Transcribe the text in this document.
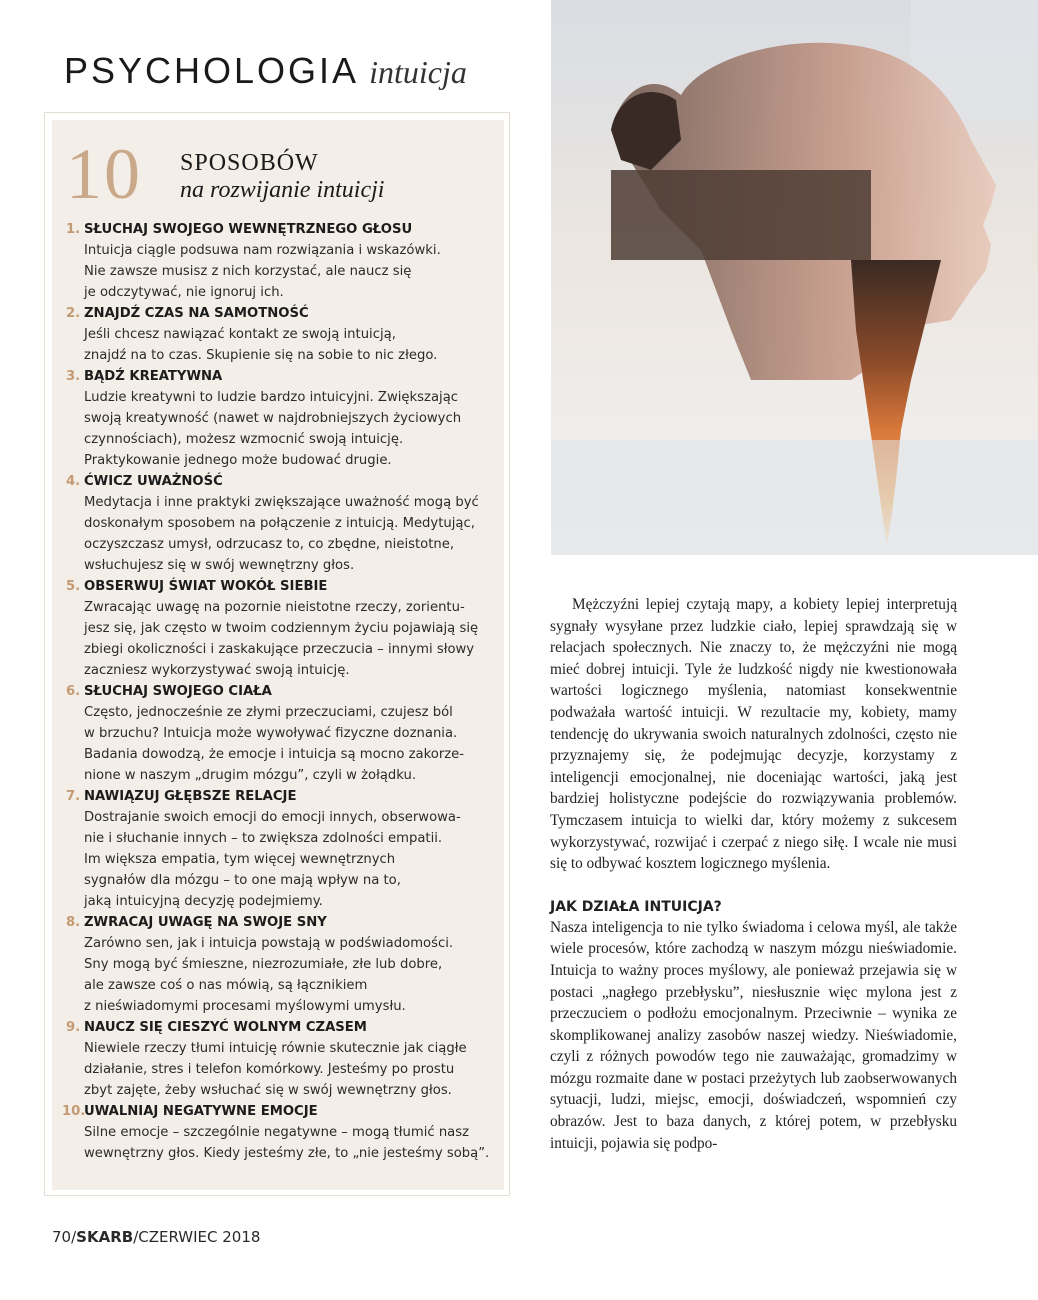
PSYCHOLOGIA intuicja
10 SPOSOBÓW
na rozwijanie intuicji
1. SŁUCHAJ SWOJEGO WEWNĘTRZNEGO GŁOSU
Intuicja ciągle podsuwa nam rozwiązania i wskazówki.
Nie zawsze musisz z nich korzystać, ale naucz się
je odczytywać, nie ignoruj ich.
2. ZNAJDŹ CZAS NA SAMOTNOŚĆ
Jeśli chcesz nawiązać kontakt ze swoją intuicją,
znajdź na to czas. Skupienie się na sobie to nic złego.
3. BĄDŹ KREATYWNA
Ludzie kreatywni to ludzie bardzo intuicyjni. Zwiększając
swoją kreatywność (nawet w najdrobniejszych życiowych
czynnościach), możesz wzmocnić swoją intuicję.
Praktykowanie jednego może budować drugie.
4. ĆWICZ UWAŻNOŚĆ
Medytacja i inne praktyki zwiększające uważność mogą być
doskonałym sposobem na połączenie z intuicją. Medytując,
oczyszczasz umysł, odrzucasz to, co zbędne, nieistotne,
wsłuchujesz się w swój wewnętrzny głos.
5. OBSERWUJ ŚWIAT WOKÓŁ SIEBIE
Zwracając uwagę na pozornie nieistotne rzeczy, zorientu-
jesz się, jak często w twoim codziennym życiu pojawiają się
zbiegi okoliczności i zaskakujące przeczucia – innymi słowy
zaczniesz wykorzystywać swoją intuicję.
6. SŁUCHAJ SWOJEGO CIAŁA
Często, jednocześnie ze złymi przeczuciami, czujesz ból
w brzuchu? Intuicja może wywoływać fizyczne doznania.
Badania dowodzą, że emocje i intuicja są mocno zakorze-
nione w naszym „drugim mózgu”, czyli w żołądku.
7. NAWIĄZUJ GŁĘBSZE RELACJE
Dostrajanie swoich emocji do emocji innych, obserwowa-
nie i słuchanie innych – to zwiększa zdolności empatii.
Im większa empatia, tym więcej wewnętrznych
sygnałów dla mózgu – to one mają wpływ na to,
jaką intuicyjną decyzję podejmiemy.
8. ZWRACAJ UWAGĘ NA SWOJE SNY
Zarówno sen, jak i intuicja powstają w podświadomości.
Sny mogą być śmieszne, niezrozumiałe, złe lub dobre,
ale zawsze coś o nas mówią, są łącznikiem
z nieświadomymi procesami myślowymi umysłu.
9. NAUCZ SIĘ CIESZYĆ WOLNYM CZASEM
Niewiele rzeczy tłumi intuicję równie skutecznie jak ciągłe
działanie, stres i telefon komórkowy. Jesteśmy po prostu
zbyt zajęte, żeby wsłuchać się w swój wewnętrzny głos.
10.
UWALNIAJ NEGATYWNE EMOCJE
Silne emocje – szczególnie negatywne – mogą tłumić nasz
wewnętrzny głos. Kiedy jesteśmy złe, to „nie jesteśmy sobą”.

Mężczyźni lepiej czytają mapy, a kobiety lepiej interpretują sygnały wysyłane przez ludzkie ciało, lepiej sprawdzają się w relacjach społecznych. Nie znaczy to, że mężczyźni nie mogą mieć dobrej intuicji. Tyle że ludzkość nigdy nie kwestionowała wartości logicznego myślenia, natomiast konsekwentnie podważała wartość intuicji. W rezultacie my, kobiety, mamy tendencję do ukrywania swoich naturalnych zdolności, często nie przyznajemy się, że podejmując decyzje, korzystamy z inteligencji emocjonalnej, nie doceniając wartości, jaką jest bardziej holistyczne podejście do rozwiązywania problemów. Tymczasem intuicja to wielki dar, który możemy z sukcesem wykorzystywać, rozwijać i czerpać z niego siłę. I wcale nie musi się to odbywać kosztem logicznego myślenia.

JAK DZIAŁA INTUICJA?

Nasza inteligencja to nie tylko świadoma i celowa myśl, ale także wiele procesów, które zachodzą w naszym mózgu nieświadomie. Intuicja to ważny proces myślowy, ale ponieważ przejawia się w postaci „nagłego przebłysku”, niesłusznie więc mylona jest z przeczuciem o podłożu emocjonalnym. Przeciwnie – wynika ze skomplikowanej analizy zasobów naszej wiedzy. Nieświadomie, czyli z różnych powodów tego nie zauważając, gromadzimy w mózgu rozmaite dane w postaci przeżytych lub zaobserwowanych sytuacji, ludzi, miejsc, emocji, doświadczeń, wspomnień czy obrazów. Jest to baza danych, z której potem, w przebłysku intuicji, pojawia się podpo-

70/SKARB/CZERWIEC 2018
